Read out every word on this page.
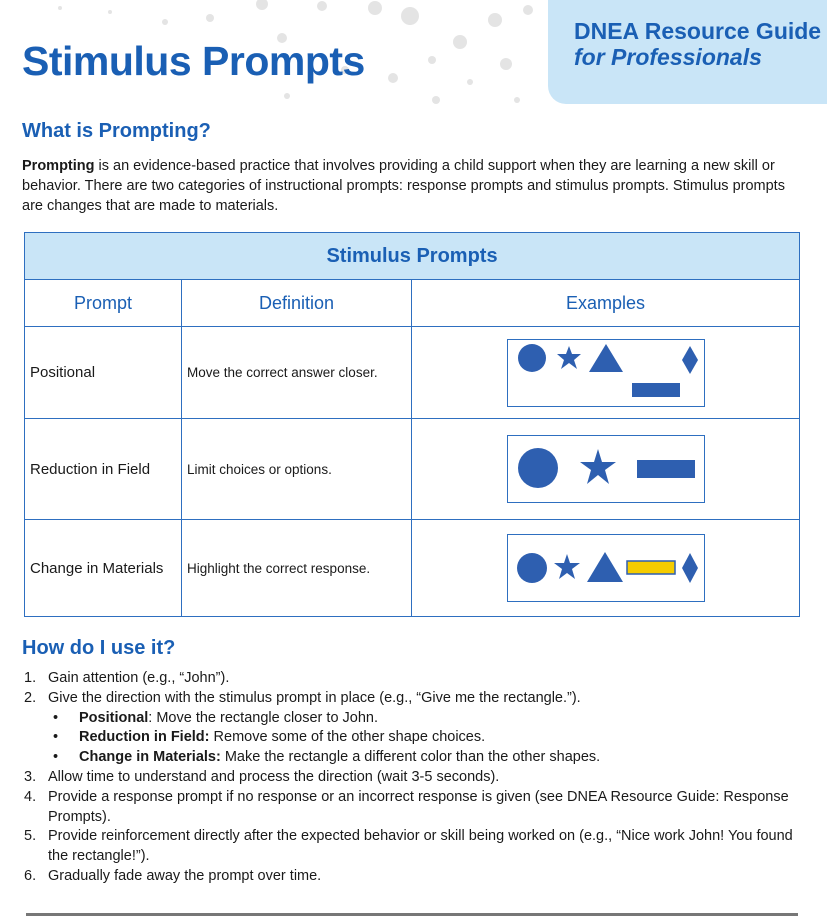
DNEA Resource Guide
for Professionals
Stimulus Prompts
What is Prompting?

Prompting is an evidence-based practice that involves providing a child support when they are learning a new skill or behavior. There are two categories of instructional prompts: response prompts and stimulus prompts. Stimulus prompts are changes that are made to materials.

Stimulus Prompts		
Prompt	Definition	Examples
Positional	Move the correct answer closer.	

Reduction in Field	Limit choices or options.	

Change in Materials	Highlight the correct response.	
How do I use it?
1. Gain attention (e.g., “John”).
2. Give the direction with the stimulus prompt in place (e.g., “Give me the rectangle.”).
• Positional: Move the rectangle closer to John.
• Reduction in Field: Remove some of the other shape choices.
• Change in Materials: Make the rectangle a different color than the other shapes.
3. Allow time to understand and process the direction (wait 3-5 seconds).
4. Provide a response prompt if no response or an incorrect response is given (see DNEA Resource Guide: Response Prompts).
5. Provide reinforcement directly after the expected behavior or skill being worked on (e.g., “Nice work John! You found the rectangle!”).
6. Gradually fade away the prompt over time.
